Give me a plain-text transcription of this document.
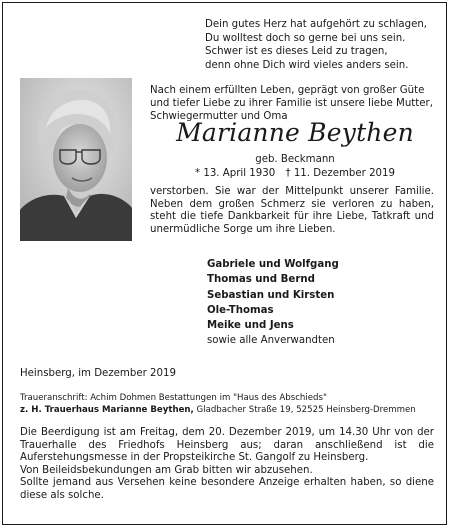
Dein gutes Herz hat aufgehört zu schlagen,
Du wolltest doch so gerne bei uns sein.
Schwer ist es dieses Leid zu tragen,
denn ohne Dich wird vieles anders sein.
Nach einem erfüllten Leben, geprägt von großer Güte
und tiefer Liebe zu ihrer Familie ist unsere liebe Mutter,
Schwiegermutter und Oma
Marianne Beythen
geb. Beckmann
* 13. April 1930 † 11. Dezember 2019
verstorben. Sie war der Mittelpunkt unserer Familie. Neben dem großen Schmerz sie verloren zu haben, steht die tiefe Dankbarkeit für ihre Liebe, Tatkraft und unermüdliche Sorge um ihre Lieben.
Gabriele und Wolfgang
Thomas und Bernd
Sebastian und Kirsten
Ole-Thomas
Meike und Jens
sowie alle Anverwandten
Heinsberg, im Dezember 2019
Traueranschrift: Achim Dohmen Bestattungen im "Haus des Abschieds"
z. H. Trauerhaus Marianne Beythen, Gladbacher Straße 19, 52525 Heinsberg-Dremmen

Die Beerdigung ist am Freitag, dem 20. Dezember 2019, um 14.30 Uhr von der Trauerhalle des Friedhofs Heinsberg aus; daran anschließend ist die Auferstehungsmesse in der Propsteikirche St. Gangolf zu Heinsberg.

Von Beileidsbekundungen am Grab bitten wir abzusehen.

Sollte jemand aus Versehen keine besondere Anzeige erhalten haben, so diene diese als solche.
